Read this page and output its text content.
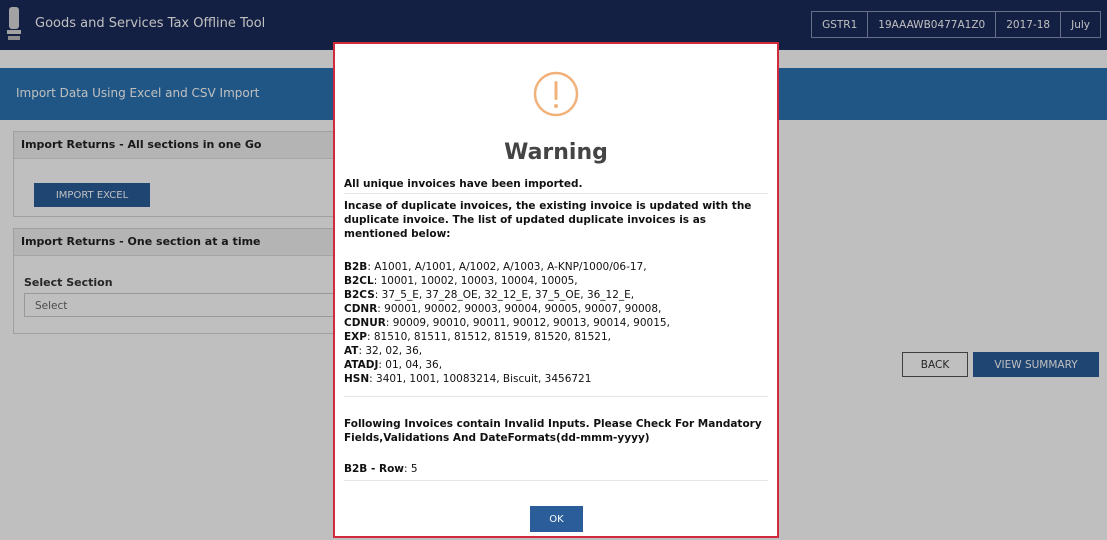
Goods and Services Tax Offline Tool	GSTR1	19AAAWB0477A1Z0	2017-18	July
Import Data Using Excel and CSV Import
Import Returns - All sections in one Go
IMPORT EXCEL
Import Returns - One section at a time
Select Section
Select
BACK	VIEW SUMMARY
Warning
All unique invoices have been imported.
Incase of duplicate invoices, the existing invoice is updated with the duplicate invoice. The list of updated duplicate invoices is as mentioned below:
B2B: A1001, A/1001, A/1002, A/1003, A-KNP/1000/06-17,
B2CL: 10001, 10002, 10003, 10004, 10005,
B2CS: 37_5_E, 37_28_OE, 32_12_E, 37_5_OE, 36_12_E,
CDNR: 90001, 90002, 90003, 90004, 90005, 90007, 90008,
CDNUR: 90009, 90010, 90011, 90012, 90013, 90014, 90015,
EXP: 81510, 81511, 81512, 81519, 81520, 81521,
AT: 32, 02, 36,
ATADJ: 01, 04, 36,
HSN: 3401, 1001, 10083214, Biscuit, 3456721
Following Invoices contain Invalid Inputs. Please Check For Mandatory Fields,Validations And DateFormats(dd-mmm-yyyy)
B2B - Row: 5
OK
